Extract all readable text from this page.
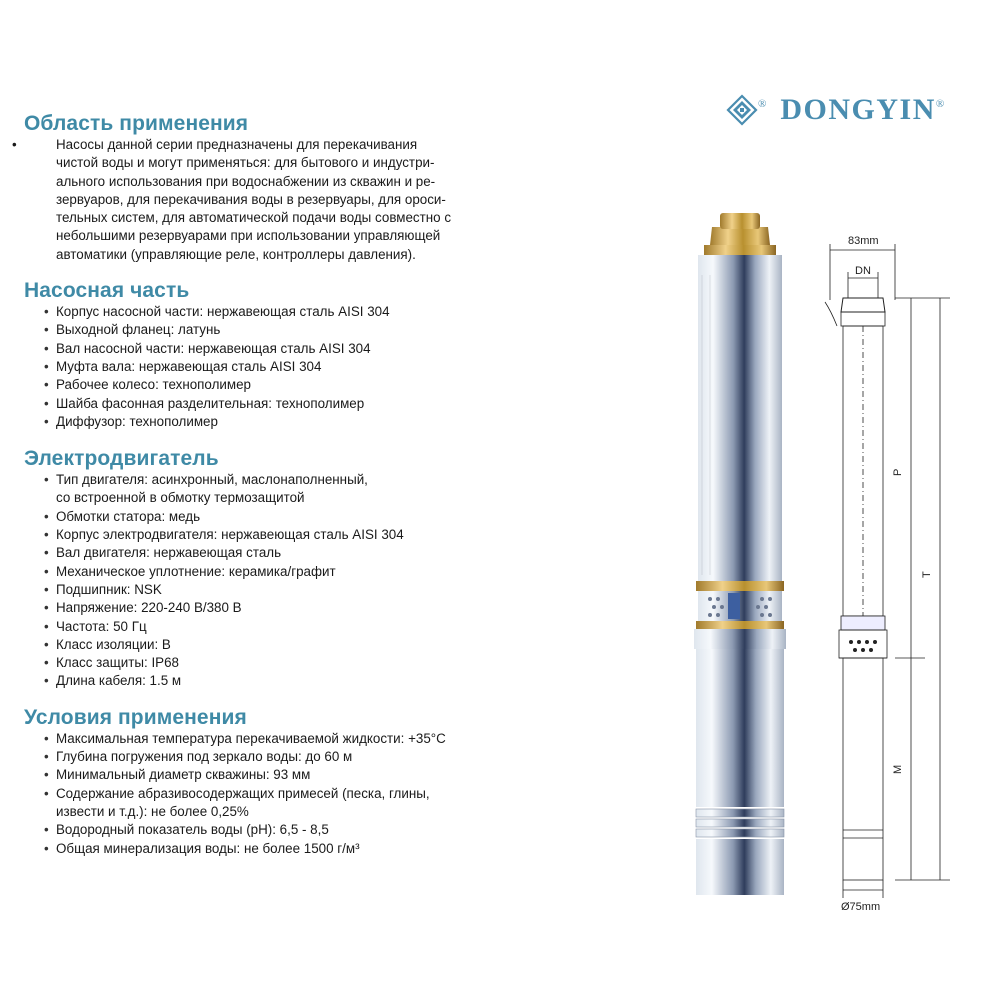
Область применения

• Насосы данной серии предназначены для перекачивания

чистой воды и могут применяться: для бытового и индустри-

ального использования при водоснабжении из скважин и ре-

зервуаров, для перекачивания воды в резервуары, для ороси-

тельных систем, для автоматической подачи воды совместно с

небольшими резервуарами при использовании управляющей

автоматики (управляющие реле, контроллеры давления).

Насосная часть
• Корпус насосной части: нержавеющая сталь AISI 304
• Выходной фланец: латунь
• Вал насосной части: нержавеющая сталь AISI 304
• Муфта вала: нержавеющая сталь AISI 304
• Рабочее колесо: технополимер
• Шайба фасонная разделительная: технополимер
• Диффузор: технополимер
Электродвигатель
• Тип двигателя: асинхронный, маслонаполненный,
со встроенной в обмотку термозащитой
• Обмотки статора: медь
• Корпус электродвигателя: нержавеющая сталь AISI 304
• Вал двигателя: нержавеющая сталь
• Механическое уплотнение: керамика/графит
• Подшипник: NSK
• Напряжение: 220-240 В/380 В
• Частота: 50 Гц
• Класс изоляции: B
• Класс защиты: IP68
• Длина кабеля: 1.5 м
Условия применения
• Максимальная температура перекачиваемой жидкости: +35°C
• Глубина погружения под зеркало воды: до 60 м
• Минимальный диаметр скважины: 93 мм
• Содержание абразивосодержащих примесей (песка, глины,
извести и т.д.): не более 0,25%
• Водородный показатель воды (pH): 6,5 - 8,5
• Общая минерализация воды: не более 1500 г/м³
® DONGYIN ®
83mm
DN
P
T
M
Ø75mm
